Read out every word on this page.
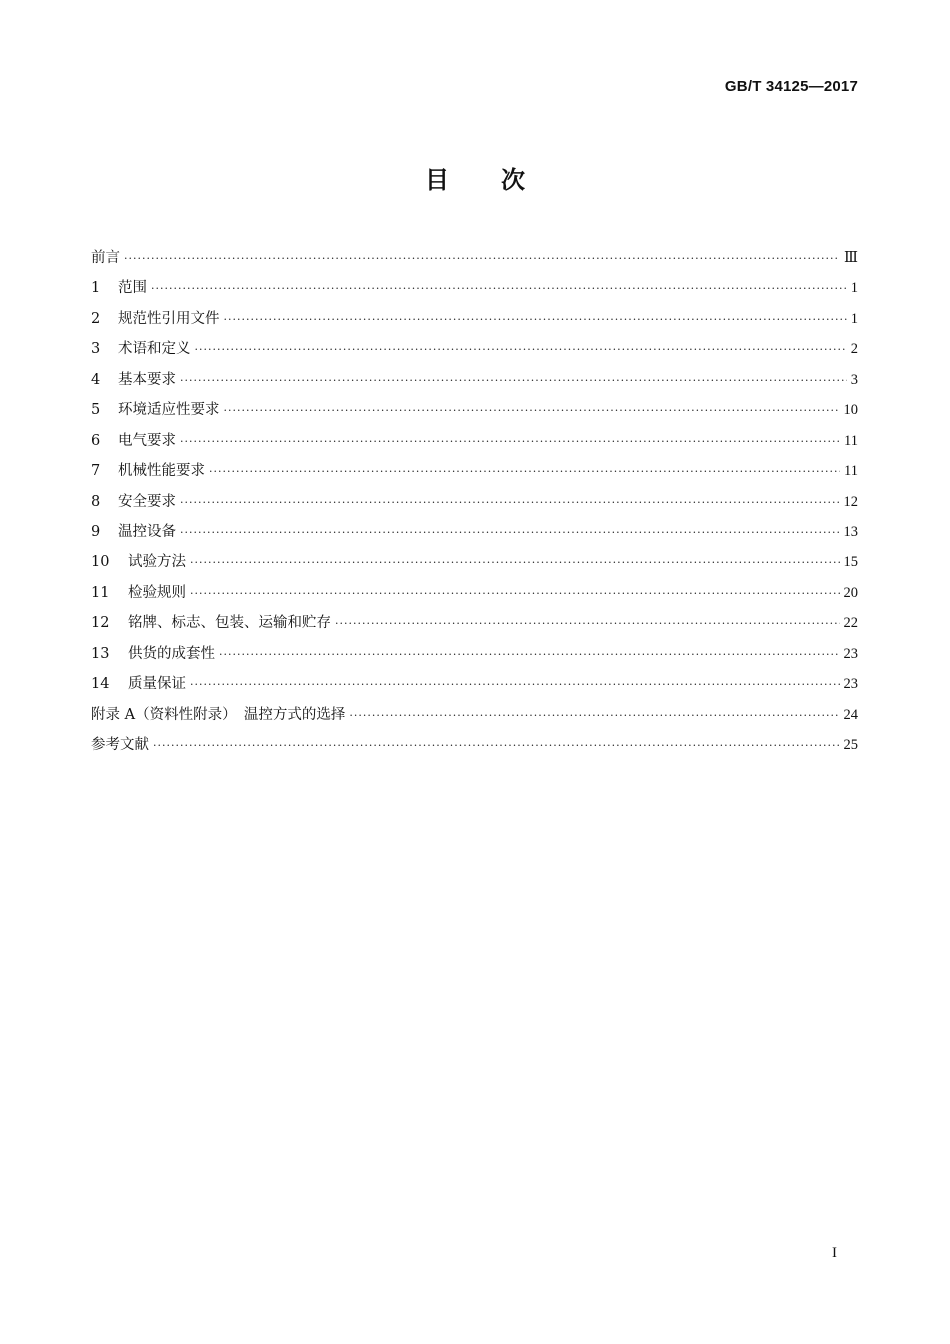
GB/T 34125—2017
目次
前言 ·····	Ⅲ
1 范围 ·····	1
2 规范性引用文件 ·····	1
3 术语和定义 ·····	2
4 基本要求 ·····	3
5 环境适应性要求 ·····	10
6 电气要求 ·····	11
7 机械性能要求 ·····	11
8 安全要求 ·····	12
9 温控设备 ·····	13
10 试验方法 ·····	15
11 检验规则 ·····	20
12 铭牌、标志、包装、运输和贮存 ·····	22
13 供货的成套性 ·····	23
14 质量保证 ·····	23
附录 A（资料性附录）　温控方式的选择 ·····	24
参考文献 ·····	25
I
